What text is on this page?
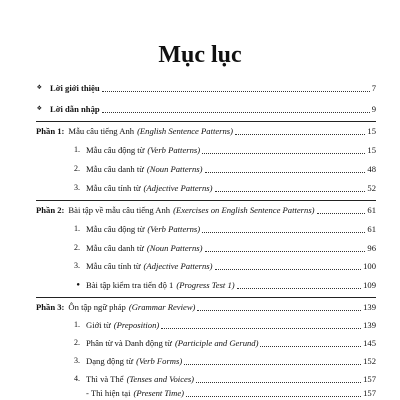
Mục lục
❖ Lời giới thiệu	7
❖ Lời dẫn nhập	9
Phần 1: Mẫu câu tiếng Anh (English Sentence Patterns)	15
1. Mẫu câu động từ (Verb Patterns)	15
2. Mẫu câu danh từ (Noun Patterns)	48
3. Mẫu câu tính từ (Adjective Patterns)	52
Phần 2: Bài tập về mẫu câu tiếng Anh (Exercises on English Sentence Patterns)	61
1. Mẫu câu động từ (Verb Patterns)	61
2. Mẫu câu danh từ (Noun Patterns)	96
3. Mẫu câu tính từ (Adjective Patterns)	100
● Bài tập kiểm tra tiến độ 1 (Progress Test 1)	109
Phần 3: Ôn tập ngữ pháp (Grammar Review)	139
1. Giới từ (Preposition)	139
2. Phân từ và Danh động từ (Participle and Gerund)	145
3. Dạng động từ (Verb Forms)	152
4. Thì và Thể (Tenses and Voices)	157
- Thì hiện tại (Present Time)	157
